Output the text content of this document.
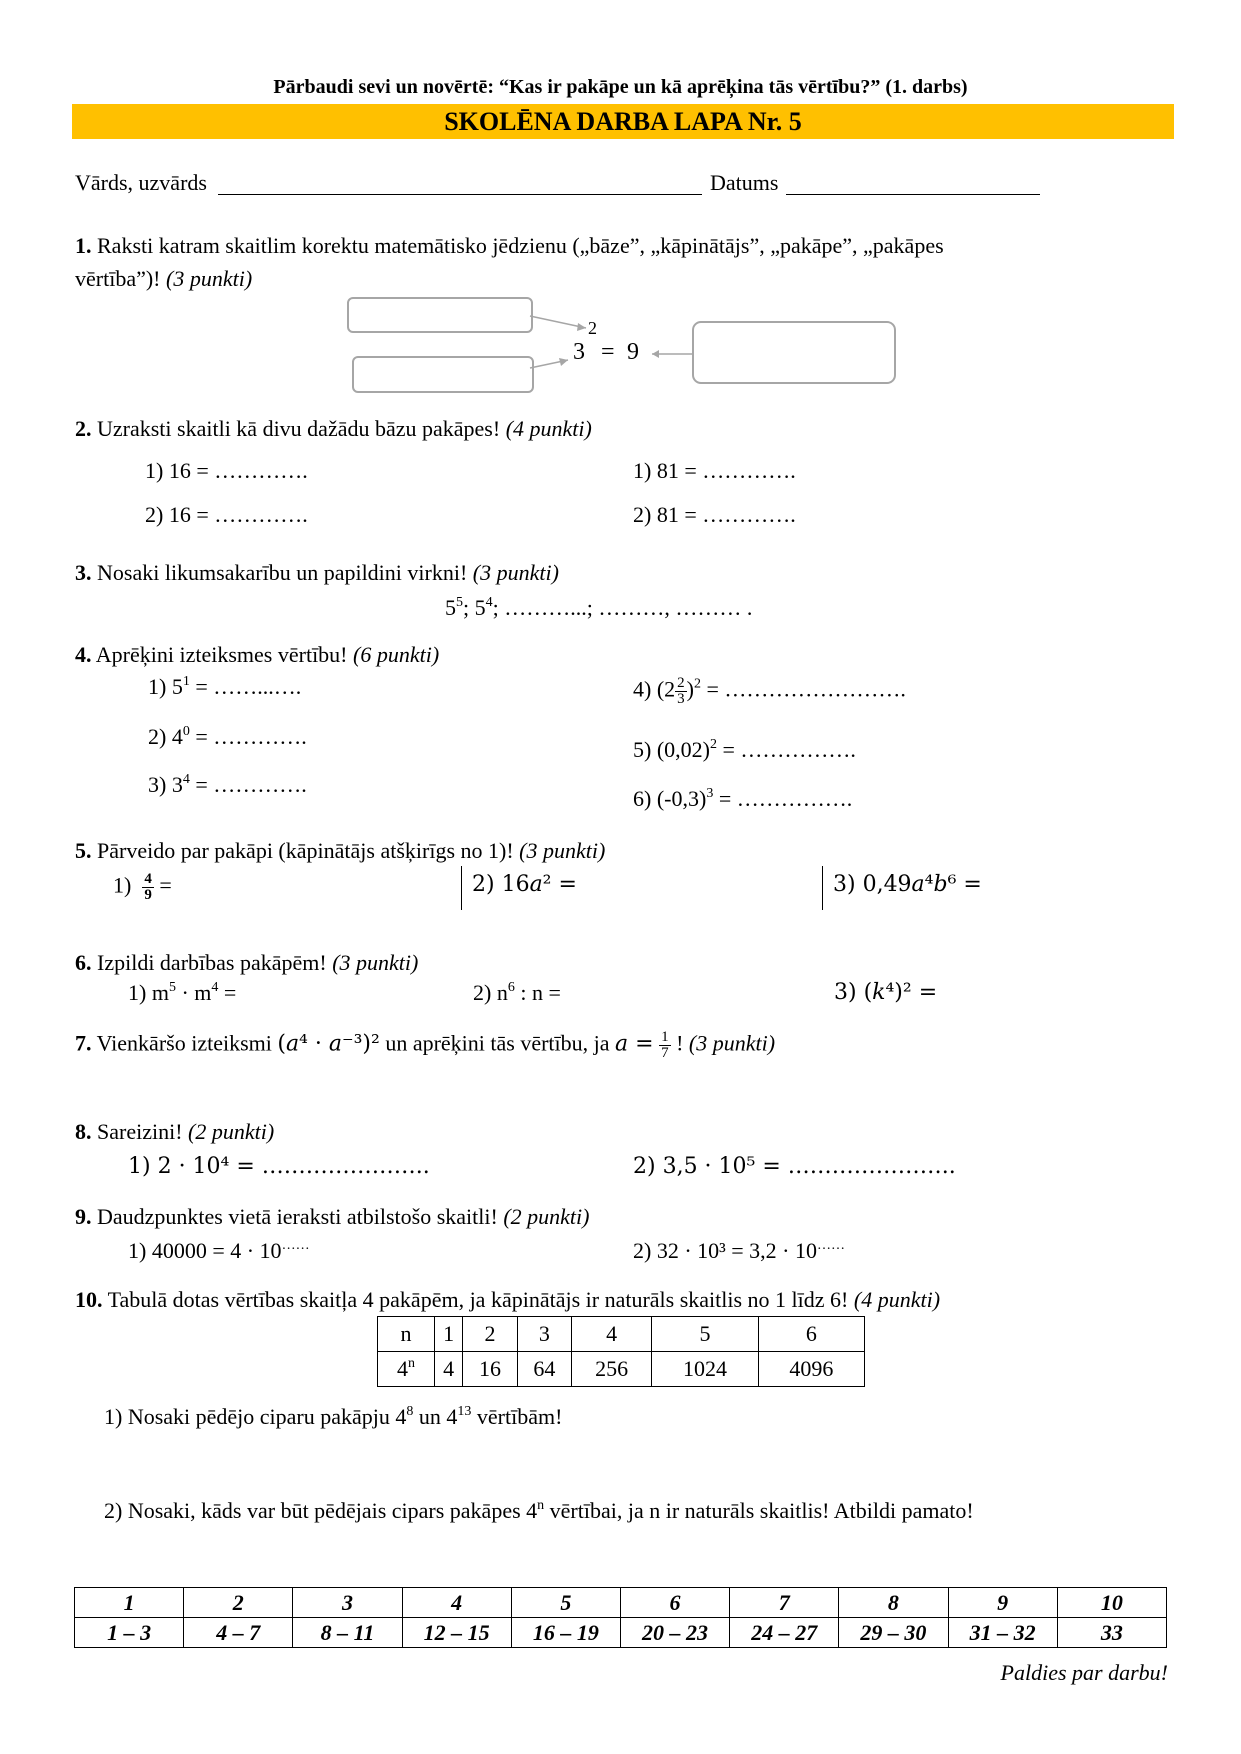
Pārbaudi sevi un novērtē: “Kas ir pakāpe un kā aprēķina tās vērtību?” (1. darbs)
SKOLĒNA DARBA LAPA Nr. 5
Vārds, uzvārds	Datums
1. Raksti katram skaitlim korektu matemātisko jēdzienu („bāze”, „kāpinātājs”, „pakāpe”, „pakāpes
vērtība”)! (3 punkti)
2
3 = 9
2. Uzraksti skaitli kā divu dažādu bāzu pakāpes! (4 punkti)
1) 16 = ………….
2) 16 = ………….
1) 81 = ………….
2) 81 = ………….
3. Nosaki likumsakarību un papildini virkni! (3 punkti)
$5^5$; $5^4$; ………...; ………, ……… .
4. Aprēķini izteiksmes vērtību! (6 punkti)
1) $5^1$ = ……...….
2) $4^0$ = ………….
3) $3^4$ = ………….
4) $(2 \frac{2}{3} )^2$ = …………………….
5) $(0,02)^2$ = …………….
6) $(-0,3)^3$ = …………….
5. Pārveido par pakāpi (kāpinātājs atšķirīgs no 1)! (3 punkti)
$1) \frac{4}{9}$ =	2) 16𝑎² =	3) 0,49𝑎⁴𝑏⁶ =
6. Izpildi darbības pakāpēm! (3 punkti)
1) $m^5 \cdot m^4$ =	2) $n^6$ : n =	3) (𝑘⁴)² =
7. Vienkāršo izteiksmi (𝑎⁴ · 𝑎⁻³)² un aprēķini tās vērtību, ja 𝑎 = $\frac{1}{7}$ ! (3 punkti)
8. Sareizini! (2 punkti)
1) 2 · 10⁴ = …………………..	2) 3,5 · 10⁵ = …………………..
9. Daudzpunktes vietā ieraksti atbilstošo skaitli! (2 punkti)
1) 40000 = 4 · 10……	2) 32 · 10³ = 3,2 · 10……
10. Tabulā dotas vērtības skaitļa 4 pakāpēm, ja kāpinātājs ir naturāls skaitlis no 1 līdz 6! (4 punkti)
n	1	2	3	4	5	6
4$^n$	4	16	64	256	1024	4096
1) Nosaki pēdējo ciparu pakāpju $4^8$ un $4^{13}$ vērtībām!
2) Nosaki, kāds var būt pēdējais cipars pakāpes 4$^n$ vērtībai, ja n ir naturāls skaitlis! Atbildi pamato!
1	2	3	4	5	6	7	8	9	10
1 – 3	4 – 7	8 – 11	12 – 15	16 – 19	20 – 23	24 – 27	29 – 30	31 – 32	33
Paldies par darbu!
